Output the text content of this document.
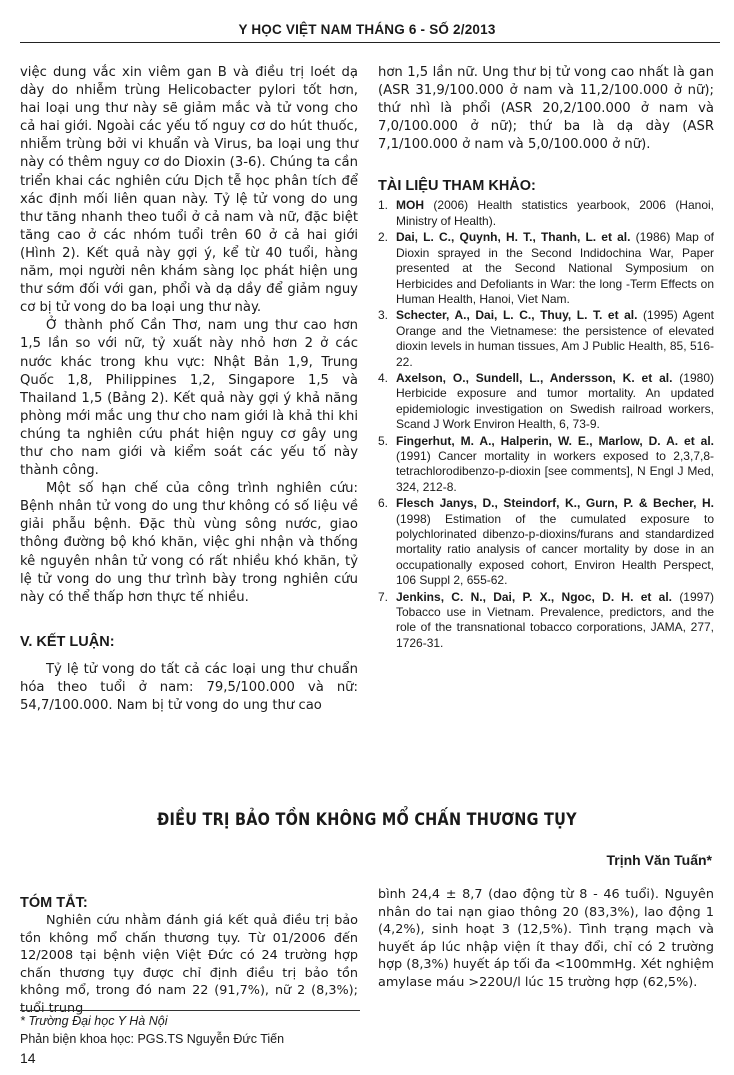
Y HỌC VIỆT NAM THÁNG 6 - SỐ 2/2013

việc dung vắc xin viêm gan B và điều trị loét dạ dày do nhiễm trùng Helicobacter pylori tốt hơn, hai loại ung thư này sẽ giảm mắc và tử vong cho cả hai giới. Ngoài các yếu tố nguy cơ do hút thuốc, nhiễm trùng bởi vi khuẩn và Virus, ba loại ung thư này có thêm nguy cơ do Dioxin (3-6). Chúng ta cần triển khai các nghiên cứu Dịch tễ học phân tích để xác định mối liên quan này. Tỷ lệ tử vong do ung thư tăng nhanh theo tuổi ở cả nam và nữ, đặc biệt tăng cao ở các nhóm tuổi trên 60 ở cả hai giới (Hình 2). Kết quả này gợi ý, kể từ 40 tuổi, hàng năm, mọi người nên khám sàng lọc phát hiện ung thư sớm đối với gan, phổi và dạ dầy để giảm nguy cơ bị tử vong do ba loại ung thư này.

Ở thành phố Cần Thơ, nam ung thư cao hơn 1,5 lần so với nữ, tỷ xuất này nhỏ hơn 2 ở các nước khác trong khu vực: Nhật Bản 1,9, Trung Quốc 1,8, Philippines 1,2, Singapore 1,5 và Thailand 1,5 (Bảng 2). Kết quả này gợi ý khả năng phòng mới mắc ung thư cho nam giới là khả thi khi chúng ta nghiên cứu phát hiện nguy cơ gây ung thư cho nam giới và kiểm soát các yếu tố này thành công.

Một số hạn chế của công trình nghiên cứu: Bệnh nhân tử vong do ung thư không có số liệu về giải phẫu bệnh. Đặc thù vùng sông nước, giao thông đường bộ khó khăn, việc ghi nhận và thống kê nguyên nhân tử vong có rất nhiều khó khăn, tỷ lệ tử vong do ung thư trình bày trong nghiên cứu này có thể thấp hơn thực tế nhiều.

V. KẾT LUẬN:

Tỷ lệ tử vong do tất cả các loại ung thư chuẩn hóa theo tuổi ở nam: 79,5/100.000 và nữ: 54,7/100.000. Nam bị tử vong do ung thư cao

hơn 1,5 lần nữ. Ung thư bị tử vong cao nhất là gan (ASR 31,9/100.000 ở nam và 11,2/100.000 ở nữ); thứ nhì là phổi (ASR 20,2/100.000 ở nam và 7,0/100.000 ở nữ); thứ ba là dạ dày (ASR 7,1/100.000 ở nam và 5,0/100.000 ở nữ).
TÀI LIỆU THAM KHẢO:
1. MOH (2006) Health statistics yearbook, 2006 (Hanoi, Ministry of Health).
2. Dai, L. C., Quynh, H. T., Thanh, L. et al. (1986) Map of Dioxin sprayed in the Second Indidochina War, Paper presented at the Second National Symposium on Herbicides and Defoliants in War: the long -Term Effects on Human Health, Hanoi, Viet Nam.
3. Schecter, A., Dai, L. C., Thuy, L. T. et al. (1995) Agent Orange and the Vietnamese: the persistence of elevated dioxin levels in human tissues, Am J Public Health, 85, 516-22.
4. Axelson, O., Sundell, L., Andersson, K. et al. (1980) Herbicide exposure and tumor mortality. An updated epidemiologic investigation on Swedish railroad workers, Scand J Work Environ Health, 6, 73-9.
5. Fingerhut, M. A., Halperin, W. E., Marlow, D. A. et al. (1991) Cancer mortality in workers exposed to 2,3,7,8-tetrachlorodibenzo-p-dioxin [see comments], N Engl J Med, 324, 212-8.
6. Flesch Janys, D., Steindorf, K., Gurn, P. & Becher, H. (1998) Estimation of the cumulated exposure to polychlorinated dibenzo-p-dioxins/furans and standardized mortality ratio analysis of cancer mortality by dose in an occupationally exposed cohort, Environ Health Perspect, 106 Suppl 2, 655-62.
7. Jenkins, C. N., Dai, P. X., Ngoc, D. H. et al. (1997) Tobacco use in Vietnam. Prevalence, predictors, and the role of the transnational tobacco corporations, JAMA, 277, 1726-31.
ĐIỀU TRỊ BẢO TỒN KHÔNG MỔ CHẤN THƯƠNG TỤY
Trịnh Văn Tuấn*
TÓM TẮT:
Nghiên cứu nhằm đánh giá kết quả điều trị bảo tồn không mổ chấn thương tụy. Từ 01/2006 đến 12/2008 tại bệnh viện Việt Đức có 24 trường hợp chấn thương tụy được chỉ định điều trị bảo tồn không mổ, trong đó nam 22 (91,7%), nữ 2 (8,3%); tuổi trung
bình 24,4 ± 8,7 (dao động từ 8 - 46 tuổi). Nguyên nhân do tai nạn giao thông 20 (83,3%), lao động 1 (4,2%), sinh hoạt 3 (12,5%). Tình trạng mạch và huyết áp lúc nhập viện ít thay đổi, chỉ có 2 trường hợp (8,3%) huyết áp tối đa <100mmHg. Xét nghiệm amylase máu >220U/l lúc 15 trường hợp (62,5%).
* Trường Đại học Y Hà Nội
Phản biện khoa học: PGS.TS Nguyễn Đức Tiến
14
